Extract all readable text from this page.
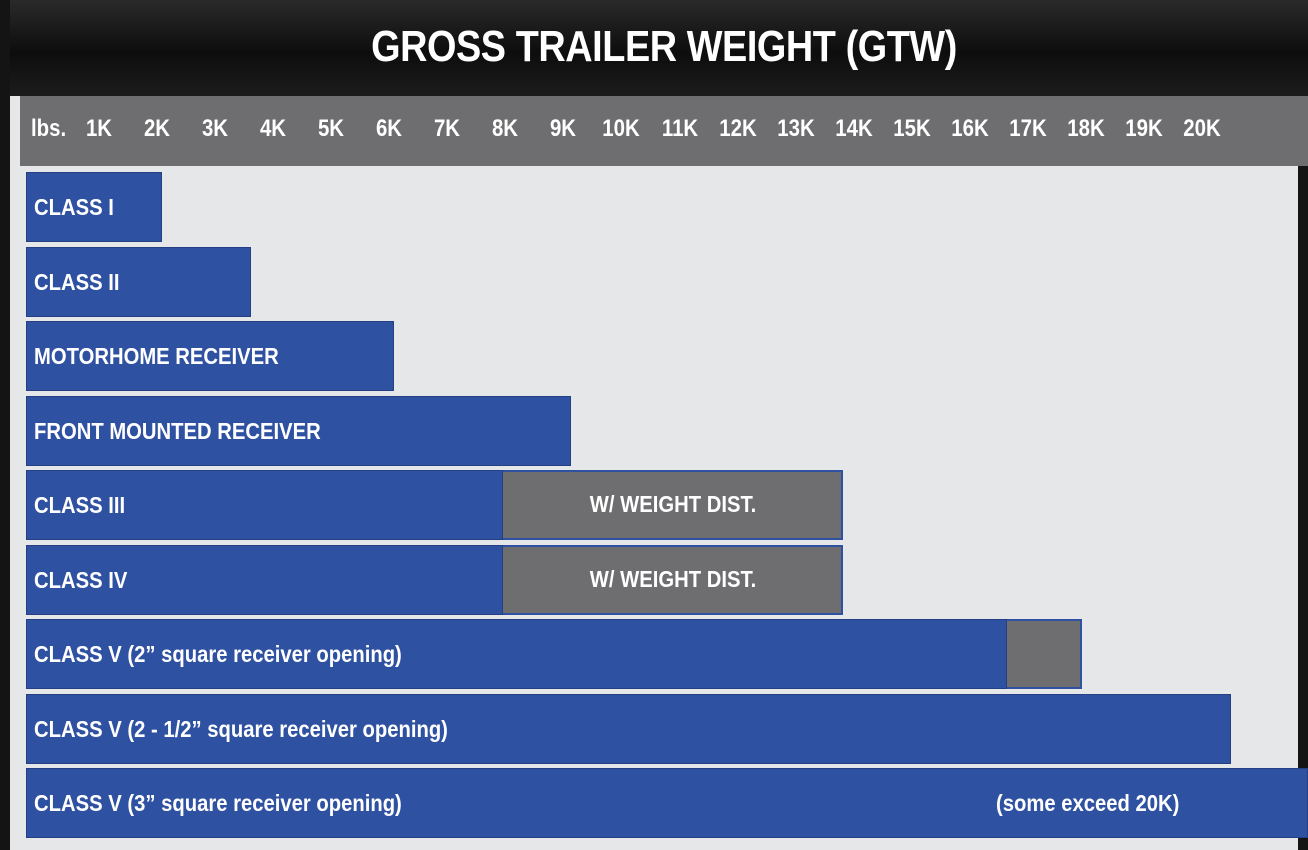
GROSS TRAILER WEIGHT (GTW)
lbs. 1K 2K 3K 4K 5K 6K 7K 8K 9K 10K 11K 12K 13K 14K 15K 16K 17K 18K 19K 20K
CLASS I
CLASS II
MOTORHOME RECEIVER
FRONT MOUNTED RECEIVER
W/ WEIGHT DIST.
CLASS III
W/ WEIGHT DIST.
CLASS IV
CLASS V (2” square receiver opening)
CLASS V (2 - 1/2” square receiver opening)
CLASS V (3” square receiver opening)	(some exceed 20K)
